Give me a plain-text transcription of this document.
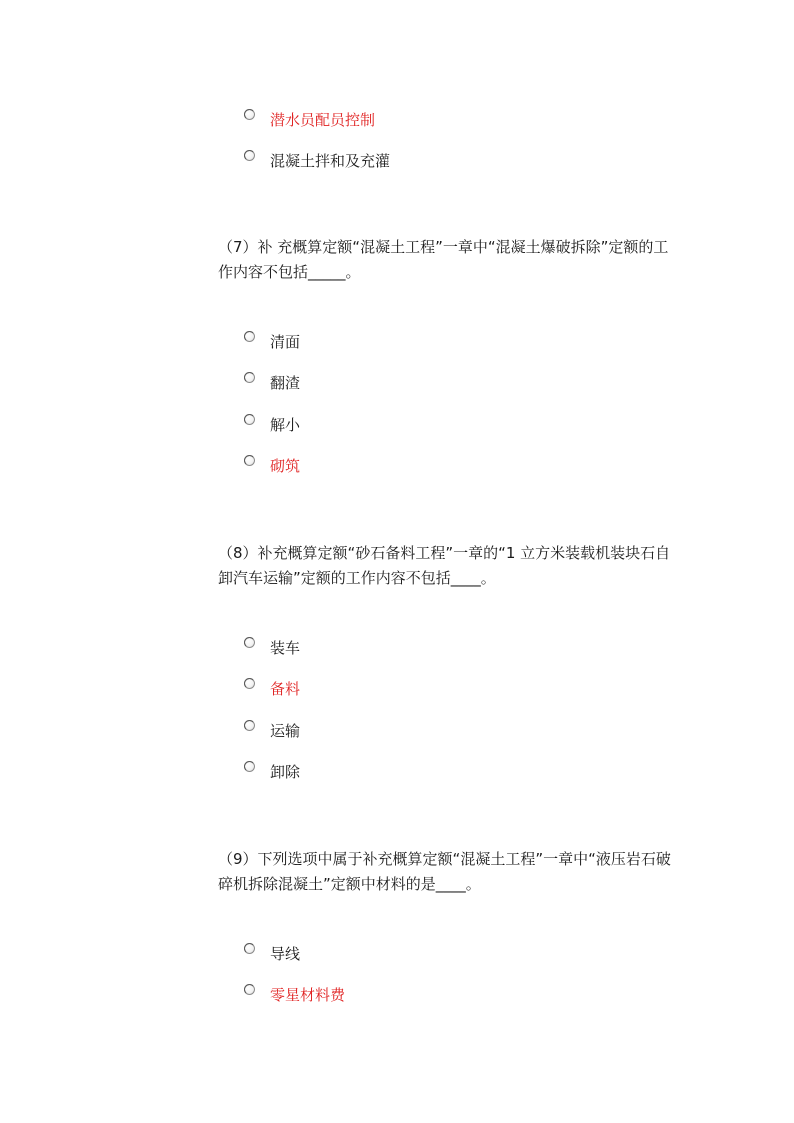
潜水员配员控制
混凝土拌和及充灌
（7）补 充概算定额“混凝土工程”一章中“混凝土爆破拆除”定额的工作内容不包括_____。
清面
翻渣
解小
砌筑
（8）补充概算定额“砂石备料工程”一章的“1 立方米装载机装块石自卸汽车运输”定额的工作内容不包括____。
装车
备料
运输
卸除
（9）下列选项中属于补充概算定额“混凝土工程”一章中“液压岩石破碎机拆除混凝土”定额中材料的是____。
导线
零星材料费
